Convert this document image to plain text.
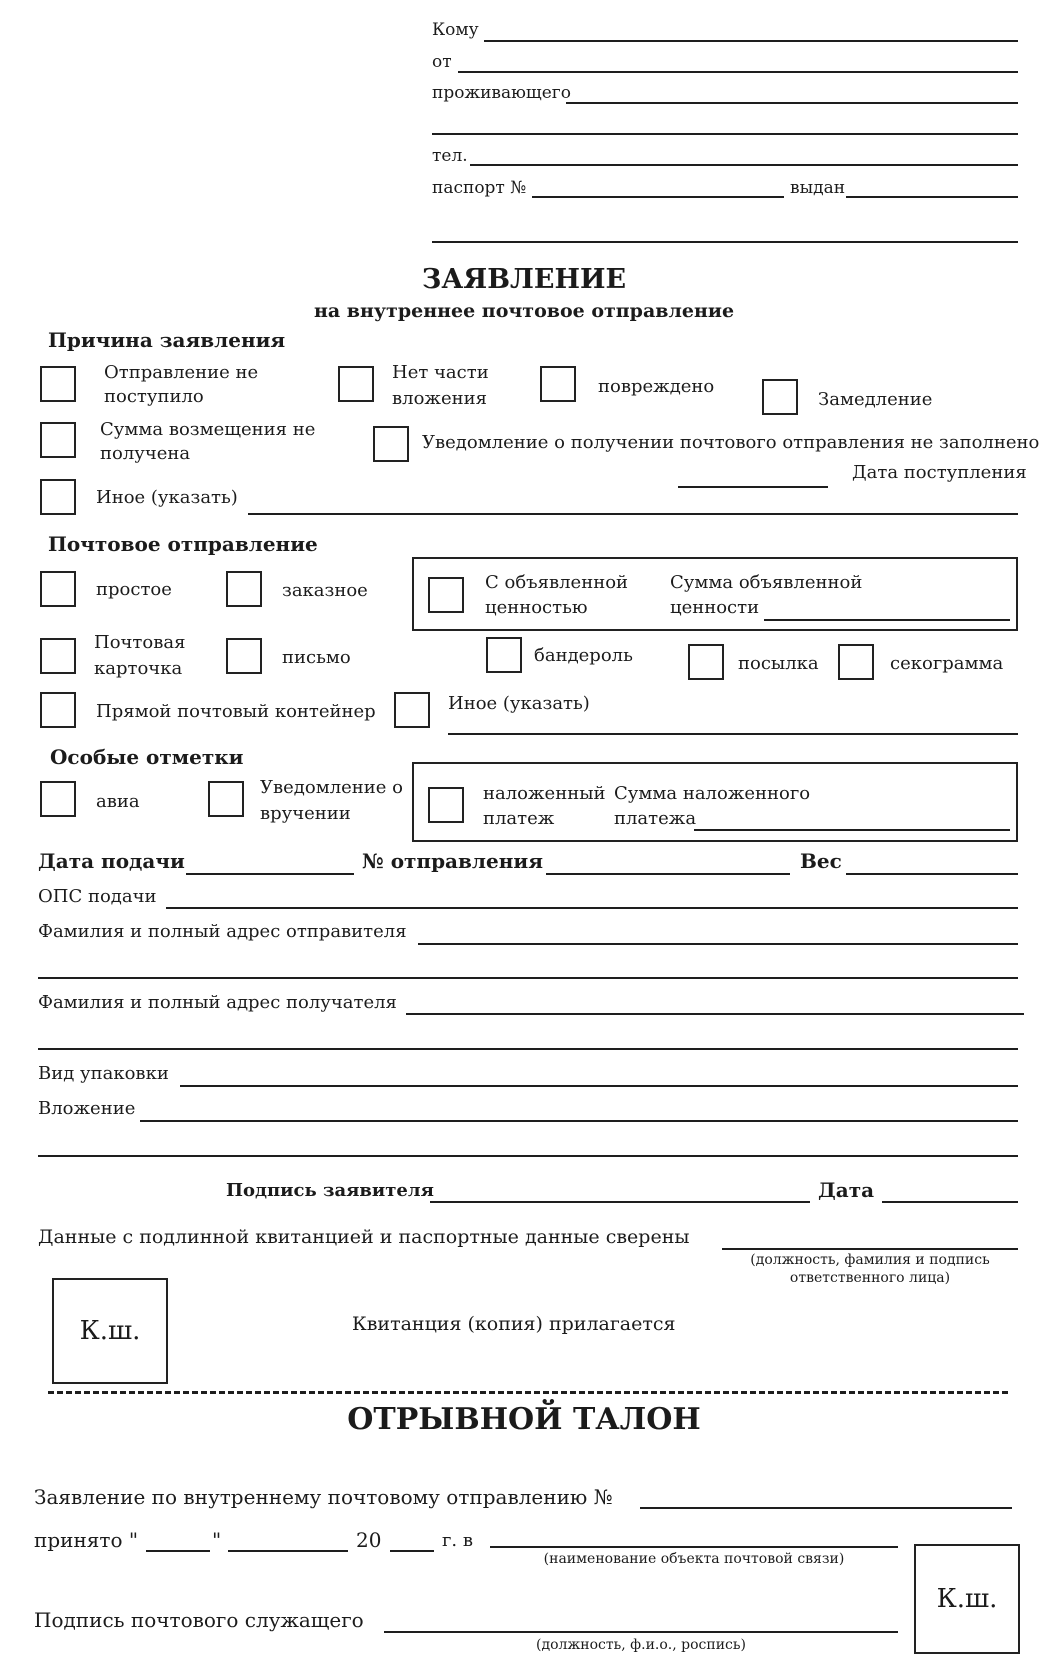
Кому
от
проживающего
тел.
паспорт №	выдан
ЗАЯВЛЕНИЕ
на внутреннее почтовое отправление
Причина заявления
Отправление не
поступило
Нет части
вложения
повреждено
Замедление
Сумма возмещения не
получена
Уведомление о получении почтового отправления не заполнено
Дата поступления
Иное (указать)
Почтовое отправление
простое	заказное	С объявленной
ценностью
Сумма объявленной
ценности
Почтовая
карточка
письмо	бандероль	посылка	секограмма
Прямой почтовый контейнер	Иное (указать)
Особые отметки
авиа
Уведомление о
вручении
наложенный
платеж
Сумма наложенного
платежа
Дата подачи	№ отправления	Вес
ОПС подачи
Фамилия и полный адрес отправителя
Фамилия и полный адрес получателя
Вид упаковки
Вложение
Подпись заявителя	Дата
Данные с подлинной квитанцией и паспортные данные сверены
(должность, фамилия и подпись
ответственного лица)
К.ш.	Квитанция (копия) прилагается
ОТРЫВНОЙ ТАЛОН
Заявление по внутреннему почтовому отправлению №
принято "	"	20	г. в
(наименование объекта почтовой связи)
Подпись почтового служащего
(должность, ф.и.о., роспись)
К.ш.
